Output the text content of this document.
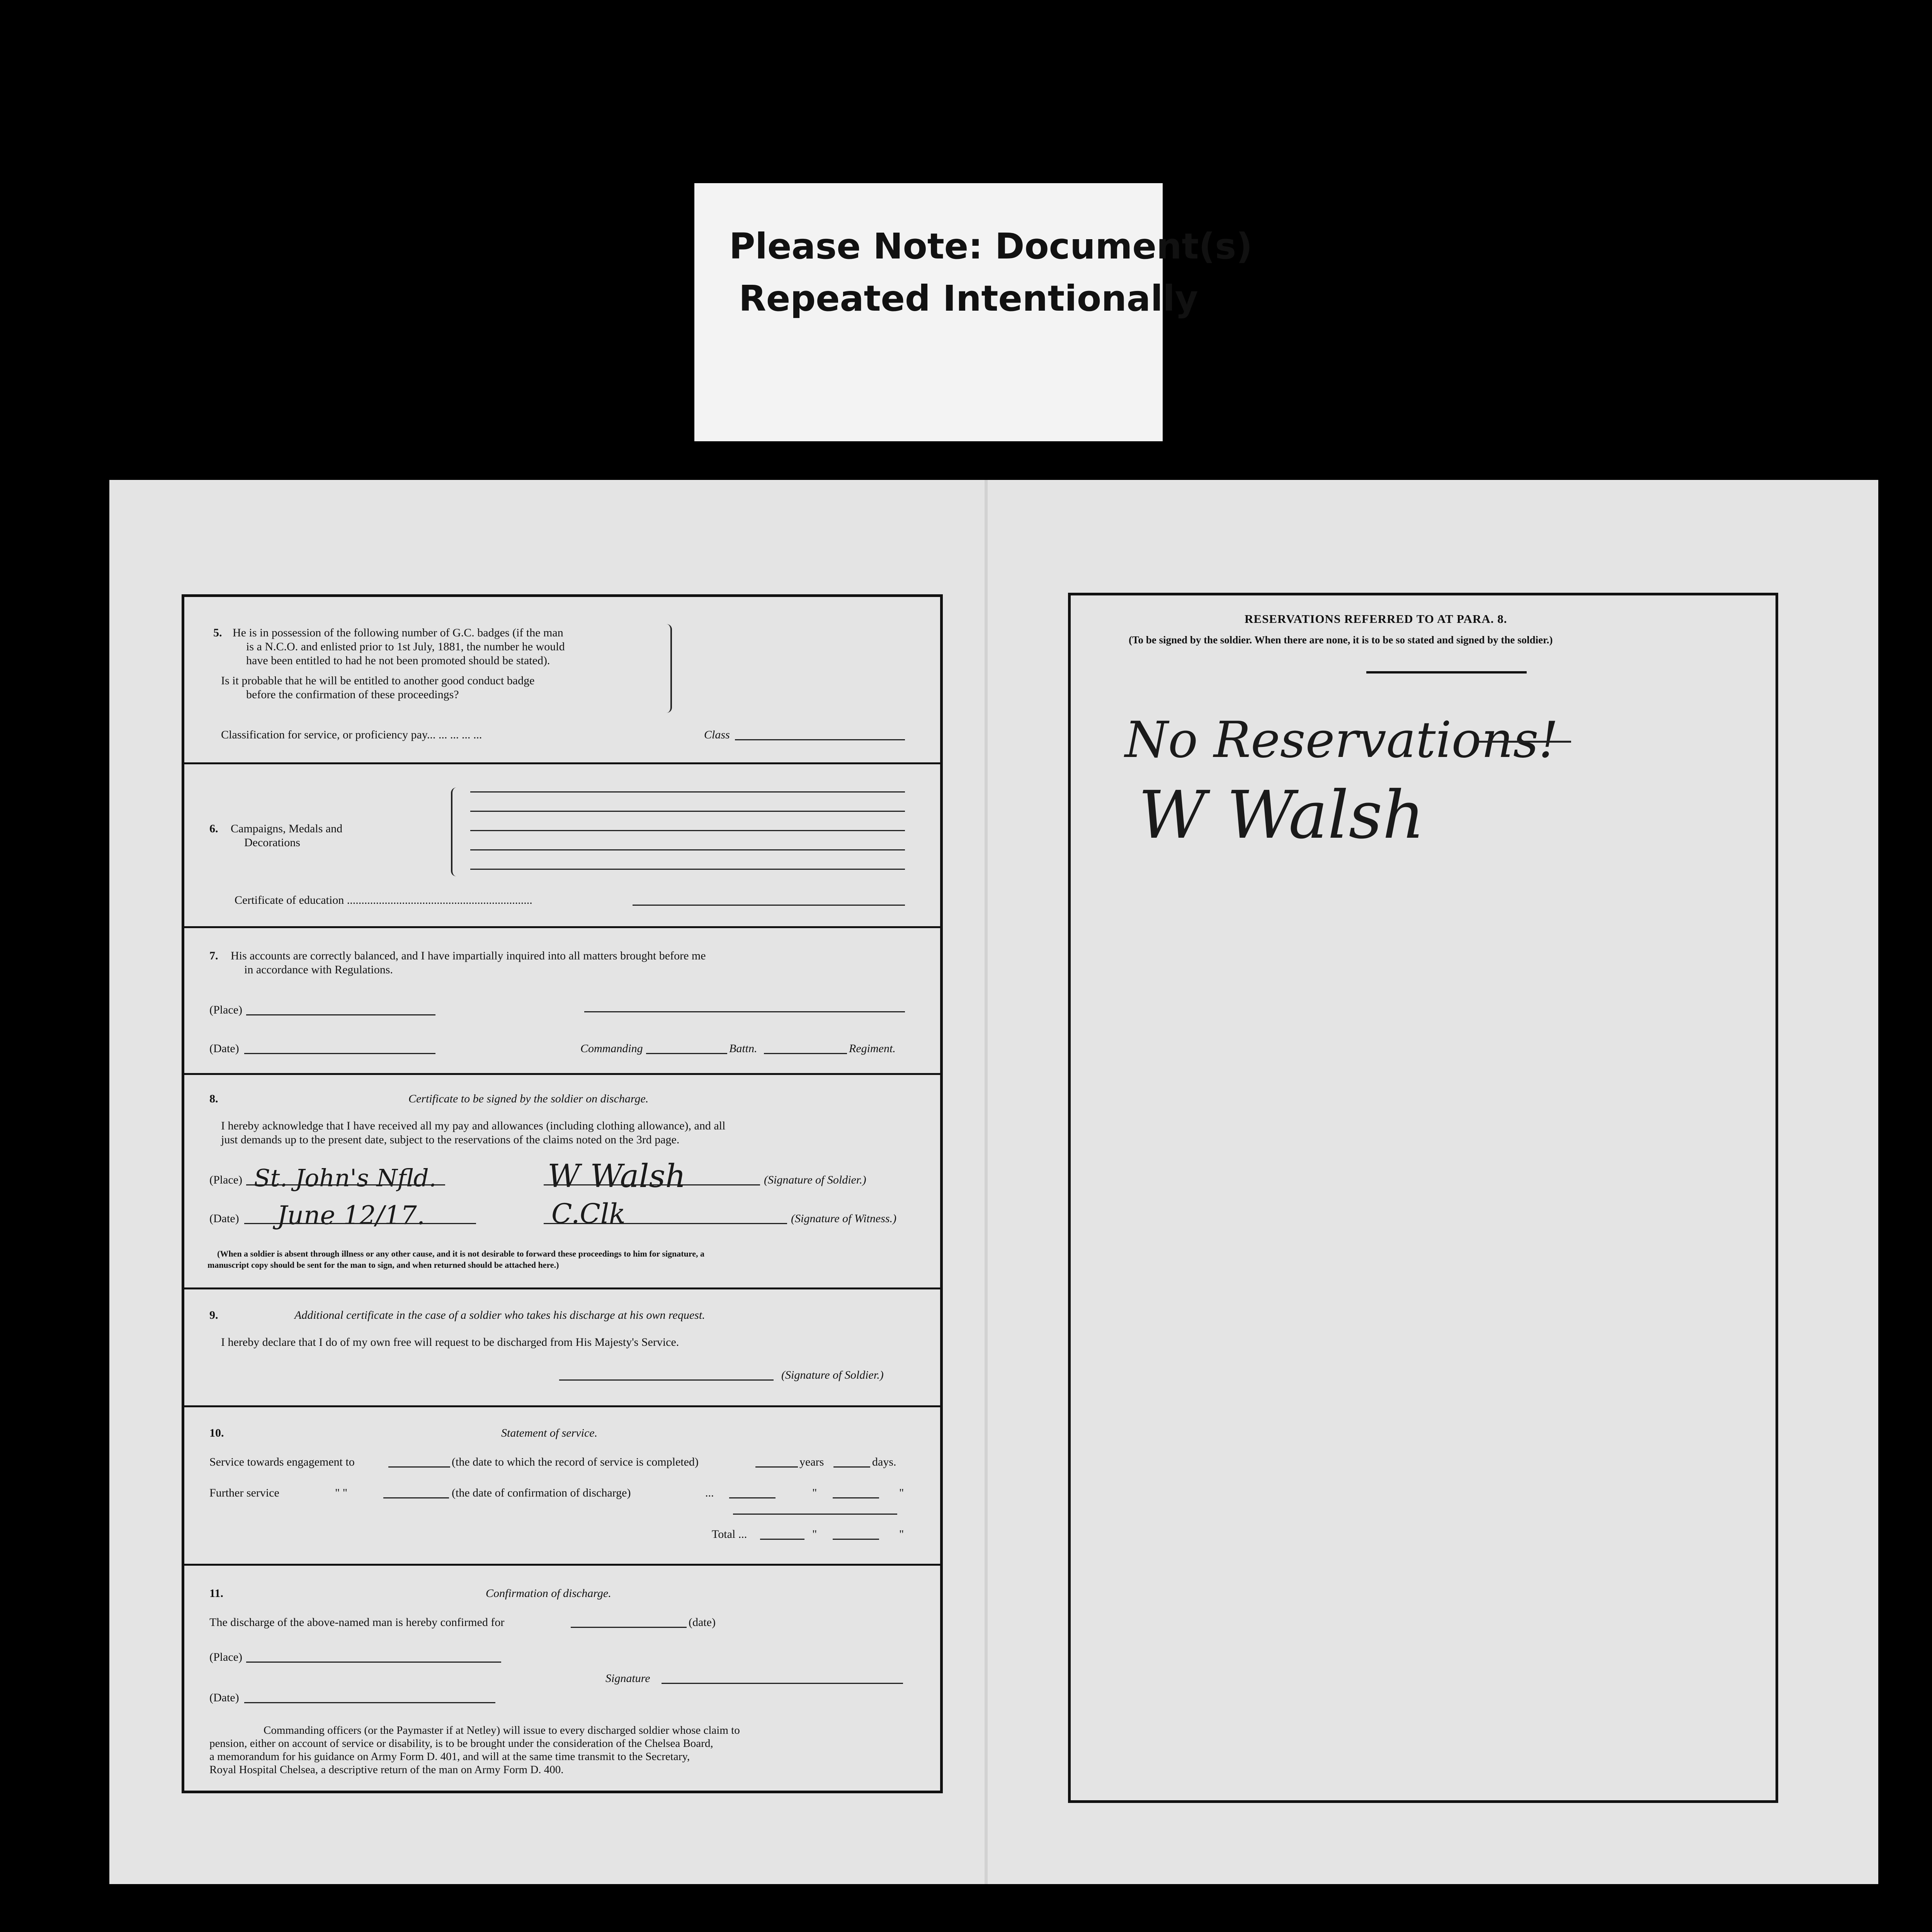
Please Note: Document(s)
Repeated Intentionally
5. He is in possession of the following number of G.C. badges (if the man
is a N.C.O. and enlisted prior to 1st July, 1881, the number he would
have been entitled to had he not been promoted should be stated).
Is it probable that he will be entitled to another good conduct badge
before the confirmation of these proceedings?
Classification for service, or proficiency pay... ... ... ... ...	Class
6. Campaigns, Medals and
Decorations
Certificate of education ................................................................
7. His accounts are correctly balanced, and I have impartially inquired into all matters brought before me
in accordance with Regulations.
(Place)
(Date)	Commanding	Battn.	Regiment.
8.	Certificate to be signed by the soldier on discharge.
I hereby acknowledge that I have received all my pay and allowances (including clothing allowance), and all
just demands up to the present date, subject to the reservations of the claims noted on the 3rd page.
(Place) St. John's Nfld.	W Walsh	(Signature of Soldier.)
(Date) June 12/17.	C.Clk	(Signature of Witness.)
(When a soldier is absent through illness or any other cause, and it is not desirable to forward these proceedings to him for signature, a
manuscript copy should be sent for the man to sign, and when returned should be attached here.)
9.	Additional certificate in the case of a soldier who takes his discharge at his own request.
I hereby declare that I do of my own free will request to be discharged from His Majesty's Service.
(Signature of Soldier.)
10.	Statement of service.
Service towards engagement to	(the date to which the record of service is completed)	years	days.
Further service	" "	(the date of confirmation of discharge)	...	"	"
Total ...	"	"
11.	Confirmation of discharge.
The discharge of the above-named man is hereby confirmed for	(date)
(Place)
Signature
(Date)
Commanding officers (or the Paymaster if at Netley) will issue to every discharged soldier whose claim to
pension, either on account of service or disability, is to be brought under the consideration of the Chelsea Board,
a memorandum for his guidance on Army Form D. 401, and will at the same time transmit to the Secretary,
Royal Hospital Chelsea, a descriptive return of the man on Army Form D. 400.
RESERVATIONS REFERRED TO AT PARA. 8.
(To be signed by the soldier. When there are none, it is to be so stated and signed by the soldier.)
No Reservations!
W Walsh
